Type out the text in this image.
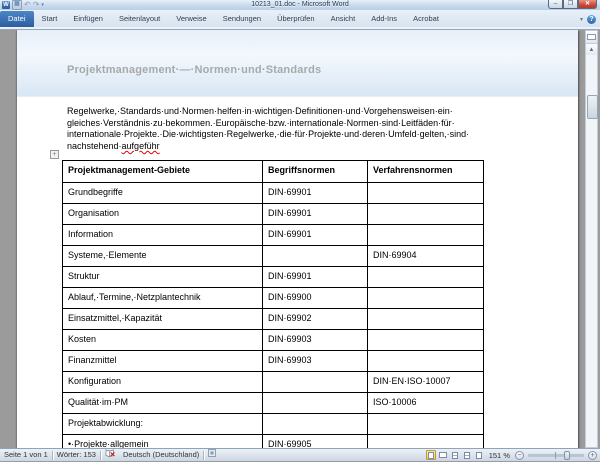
W ▦ ↶ ↷ ▾	10213_01.doc - Microsoft Word	–	❐	✕
Datei	Start	Einfügen	Seitenlayout	Verweise	Sendungen	Überprüfen	Ansicht	Add-Ins	Acrobat	▾ ?
Projektmanagement·—·Normen·und·Standards
Regelwerke,·Standards·und·Normen·helfen·in·wichtigen·Definitionen·und·Vorgehensweisen·ein·
gleiches·Verständnis·zu·bekommen.·Europäische·bzw.·internationale·Normen·sind·Leitfäden·für·
internationale·Projekte.·Die·wichtigsten·Regelwerke,·die·für·Projekte·und·deren·Umfeld·gelten,·sind·
nachstehend·aufgeführ
+
Projektmanagement-Gebiete	Begriffsnormen	Verfahrensnormen
Grundbegriffe	DIN·69901	
Organisation	DIN·69901	
Information	DIN·69901	
Systeme,·Elemente		DIN·69904
Struktur	DIN·69901	
Ablauf,·Termine,·Netzplantechnik	DIN·69900	
Einsatzmittel,·Kapazität	DIN·69902	
Kosten	DIN·69903	
Finanzmittel	DIN·69903	
Konfiguration		DIN·EN·ISO·10007
Qualität·im·PM		ISO·10006
Projektabwicklung:		
•·Projekte·allgemein	DIN·69905	
▲
Seite 1 von 1	Wörter: 153	Deutsch (Deutschland)	151 %	−	+
